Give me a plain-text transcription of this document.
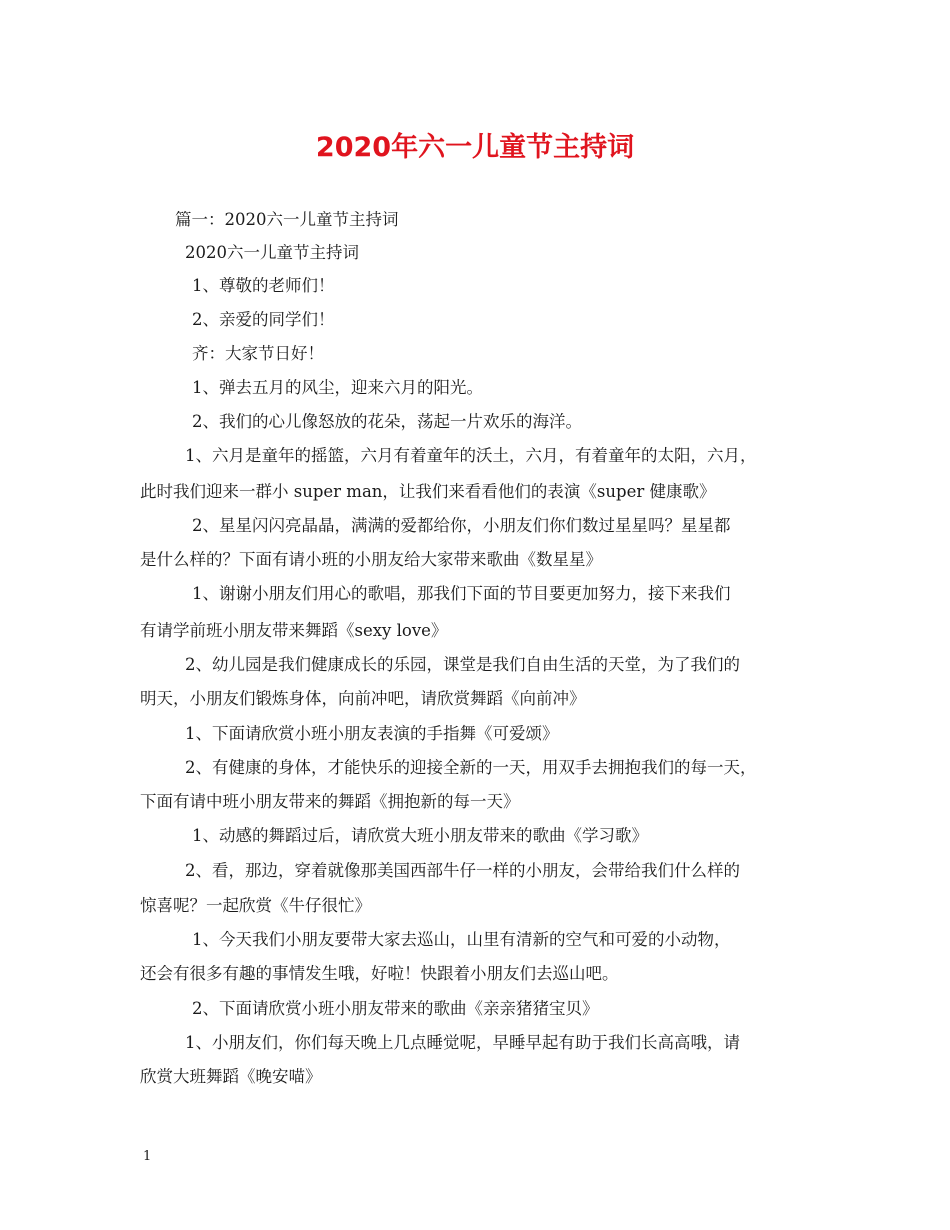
2020年六一儿童节主持词
篇一：2020六一儿童节主持词
2020六一儿童节主持词
1、尊敬的老师们！
2、亲爱的同学们！
齐：大家节日好！
1、弹去五月的风尘，迎来六月的阳光。
2、我们的心儿像怒放的花朵，荡起一片欢乐的海洋。
1、六月是童年的摇篮，六月有着童年的沃土，六月，有着童年的太阳，六月，
此时我们迎来一群小 super man，让我们来看看他们的表演《super 健康歌》
2、星星闪闪亮晶晶，满满的爱都给你，小朋友们你们数过星星吗？星星都
是什么样的？下面有请小班的小朋友给大家带来歌曲《数星星》
1、谢谢小朋友们用心的歌唱，那我们下面的节目要更加努力，接下来我们
有请学前班小朋友带来舞蹈《sexy love》
2、幼儿园是我们健康成长的乐园，课堂是我们自由生活的天堂，为了我们的
明天，小朋友们锻炼身体，向前冲吧，请欣赏舞蹈《向前冲》
1、下面请欣赏小班小朋友表演的手指舞《可爱颂》
2、有健康的身体，才能快乐的迎接全新的一天，用双手去拥抱我们的每一天，
下面有请中班小朋友带来的舞蹈《拥抱新的每一天》
1、动感的舞蹈过后，请欣赏大班小朋友带来的歌曲《学习歌》
2、看，那边，穿着就像那美国西部牛仔一样的小朋友，会带给我们什么样的
惊喜呢？一起欣赏《牛仔很忙》
1、今天我们小朋友要带大家去巡山，山里有清新的空气和可爱的小动物，
还会有很多有趣的事情发生哦，好啦！快跟着小朋友们去巡山吧。
2、下面请欣赏小班小朋友带来的歌曲《亲亲猪猪宝贝》
1、小朋友们，你们每天晚上几点睡觉呢，早睡早起有助于我们长高高哦，请
欣赏大班舞蹈《晚安喵》
1
